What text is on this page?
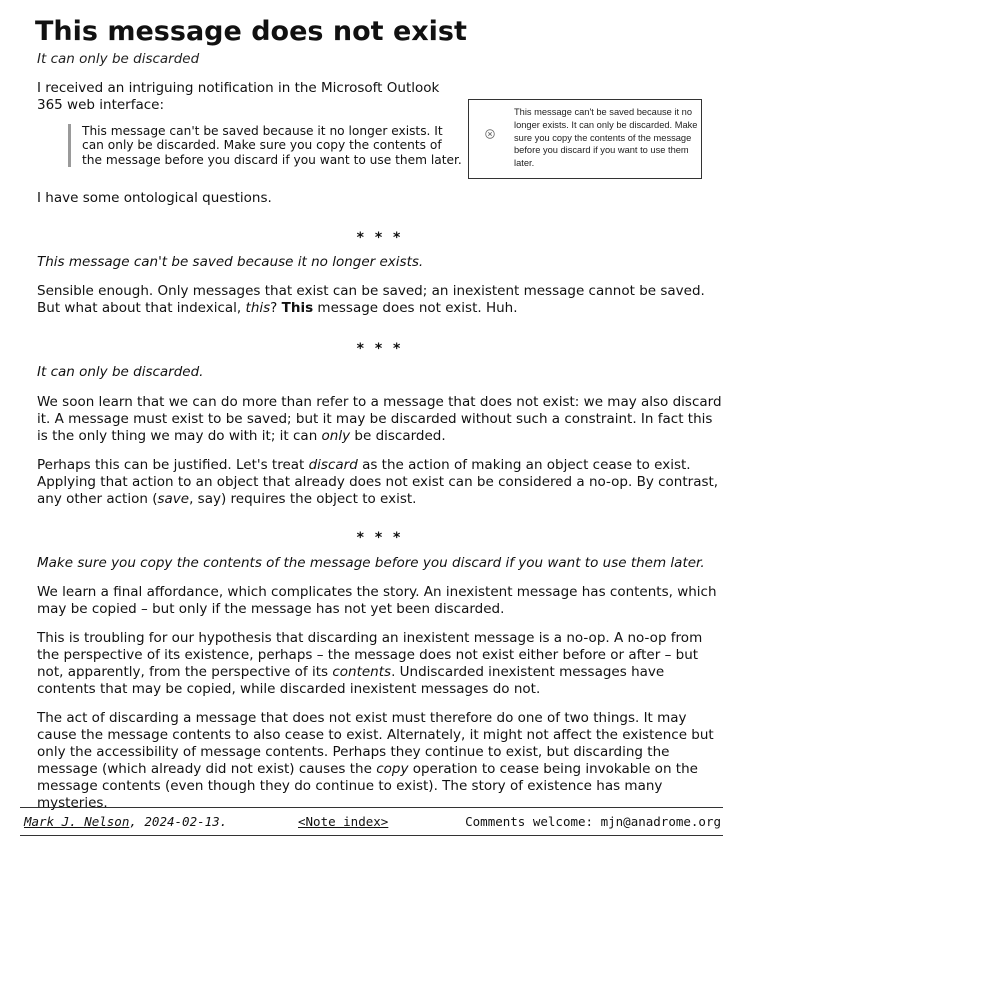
This message does not exist

It can only be discarded

I received an intriguing notification in the Microsoft Outlook 365 web interface:

This message can't be saved because it no longer exists. It can only be discarded. Make sure you copy the contents of the message before you discard if you want to use them later.
This message can't be saved because it no longer exists. It can only be discarded. Make sure you copy the contents of the message before you discard if you want to use them later.

I have some ontological questions.

* * *

This message can't be saved because it no longer exists.

Sensible enough. Only messages that exist can be saved; an inexistent message cannot be saved. But what about that indexical, this? This message does not exist. Huh.

* * *

It can only be discarded.

We soon learn that we can do more than refer to a message that does not exist: we may also discard it. A message must exist to be saved; but it may be discarded without such a constraint. In fact this is the only thing we may do with it; it can only be discarded.

Perhaps this can be justified. Let's treat discard as the action of making an object cease to exist. Applying that action to an object that already does not exist can be considered a no-op. By contrast, any other action (save, say) requires the object to exist.

* * *

Make sure you copy the contents of the message before you discard if you want to use them later.

We learn a final affordance, which complicates the story. An inexistent message has contents, which may be copied – but only if the message has not yet been discarded.

This is troubling for our hypothesis that discarding an inexistent message is a no-op. A no-op from the perspective of its existence, perhaps – the message does not exist either before or after – but not, apparently, from the perspective of its contents. Undiscarded inexistent messages have contents that may be copied, while discarded inexistent messages do not.

The act of discarding a message that does not exist must therefore do one of two things. It may cause the message contents to also cease to exist. Alternately, it might not affect the existence but only the accessibility of message contents. Perhaps they continue to exist, but discarding the message (which already did not exist) causes the copy operation to cease being invokable on the message contents (even though they do continue to exist). The story of existence has many mysteries.

Mark J. Nelson, 2024-02-13.	<Note index>	Comments welcome: mjn@anadrome.org
